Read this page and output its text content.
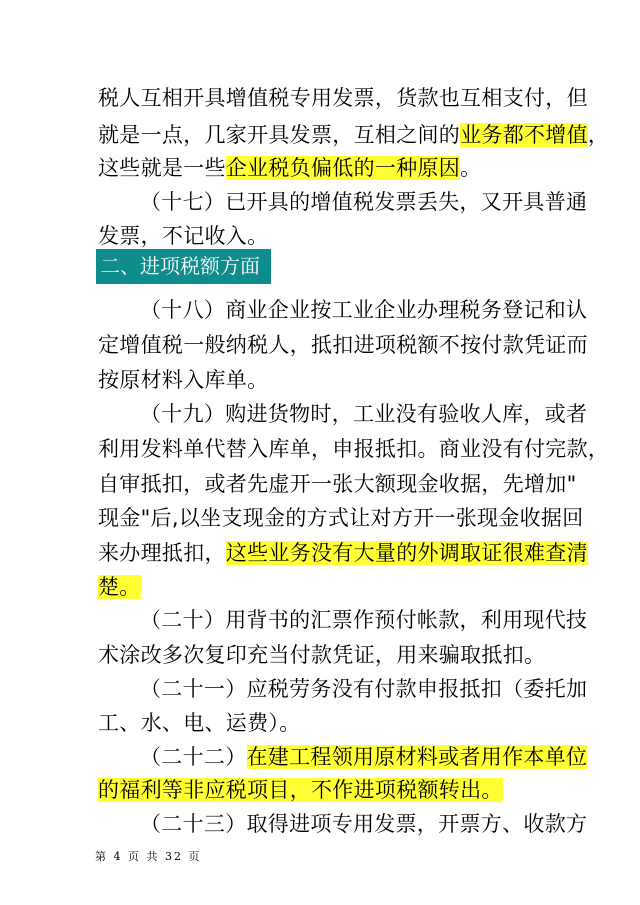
税人互相开具增值税专用发票，货款也互相支付，但
就是一点，几家开具发票，互相之间的业务都不增值，
这些就是一些企业税负偏低的一种原因。
（十七）已开具的增值税发票丢失，又开具普通
发票，不记收入。
（十八）商业企业按工业企业办理税务登记和认
定增值税一般纳税人，抵扣进项税额不按付款凭证而
按原材料入库单。
（十九）购进货物时，工业没有验收人库，或者
利用发料单代替入库单，申报抵扣。商业没有付完款，
自审抵扣，或者先虚开一张大额现金收据，先增加"
现金"后,以坐支现金的方式让对方开一张现金收据回
来办理抵扣，这些业务没有大量的外调取证很难查清
楚。
（二十）用背书的汇票作预付帐款，利用现代技
术涂改多次复印充当付款凭证，用来骗取抵扣。
（二十一）应税劳务没有付款申报抵扣（委托加
工、水、电、运费）。
（二十二）在建工程领用原材料或者用作本单位
的福利等非应税项目，不作进项税额转出。
（二十三）取得进项专用发票，开票方、收款方
二、进项税额方面
第 4 页 共 32 页
